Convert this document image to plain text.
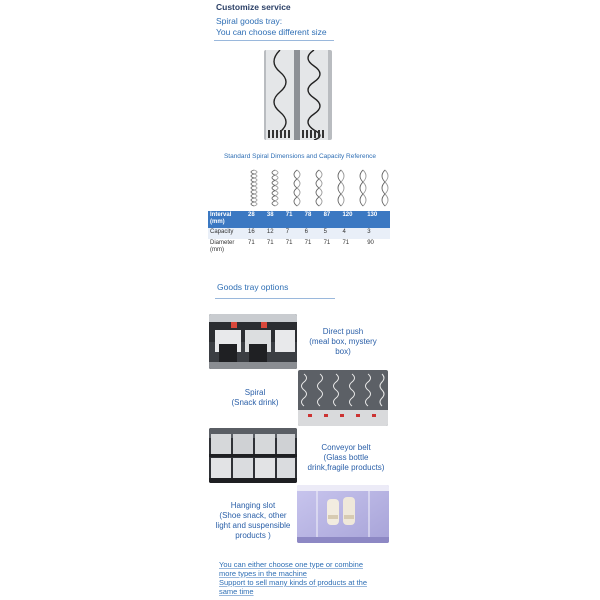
Customize service
Spiral goods tray:
You can choose different size
Standard Spiral Dimensions and Capacity Reference
Interval (mm)	28	38	71	78	87	120	130
Capacity	16	12	7	6	5	4	3
Diameter (mm)	71	71	71	71	71	71	90
Goods tray options
Direct push
(meal box, mystery
box)
Spiral
(Snack drink)
Conveyor belt
(Glass bottle
drink,fragile products)
Hanging slot
(Shoe snack, other
light and suspensible
products )
You can either choose one type or combine
more types in the machine
Support to sell many kinds of products at the
same time
